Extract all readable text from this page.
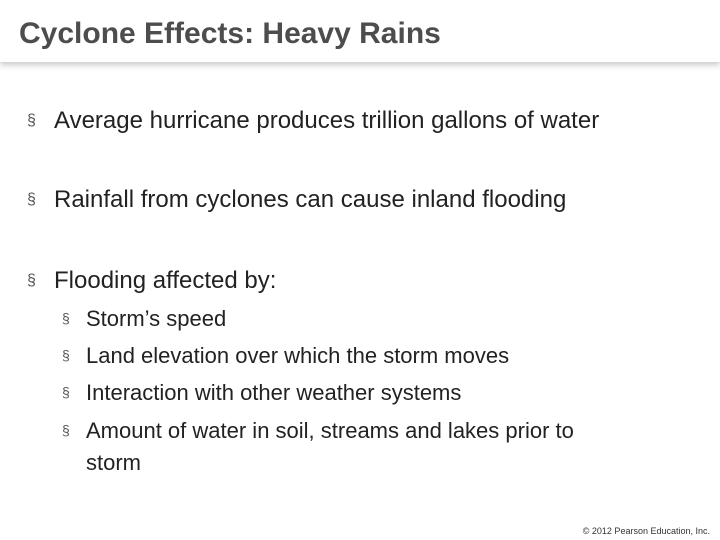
Cyclone Effects: Heavy Rains
§ Average hurricane produces trillion gallons of water
§ Rainfall from cyclones can cause inland flooding
§ Flooding affected by:
§ Storm’s speed
§ Land elevation over which the storm moves
§ Interaction with other weather systems
§ Amount of water in soil, streams and lakes prior to
storm
© 2012 Pearson Education, Inc.
